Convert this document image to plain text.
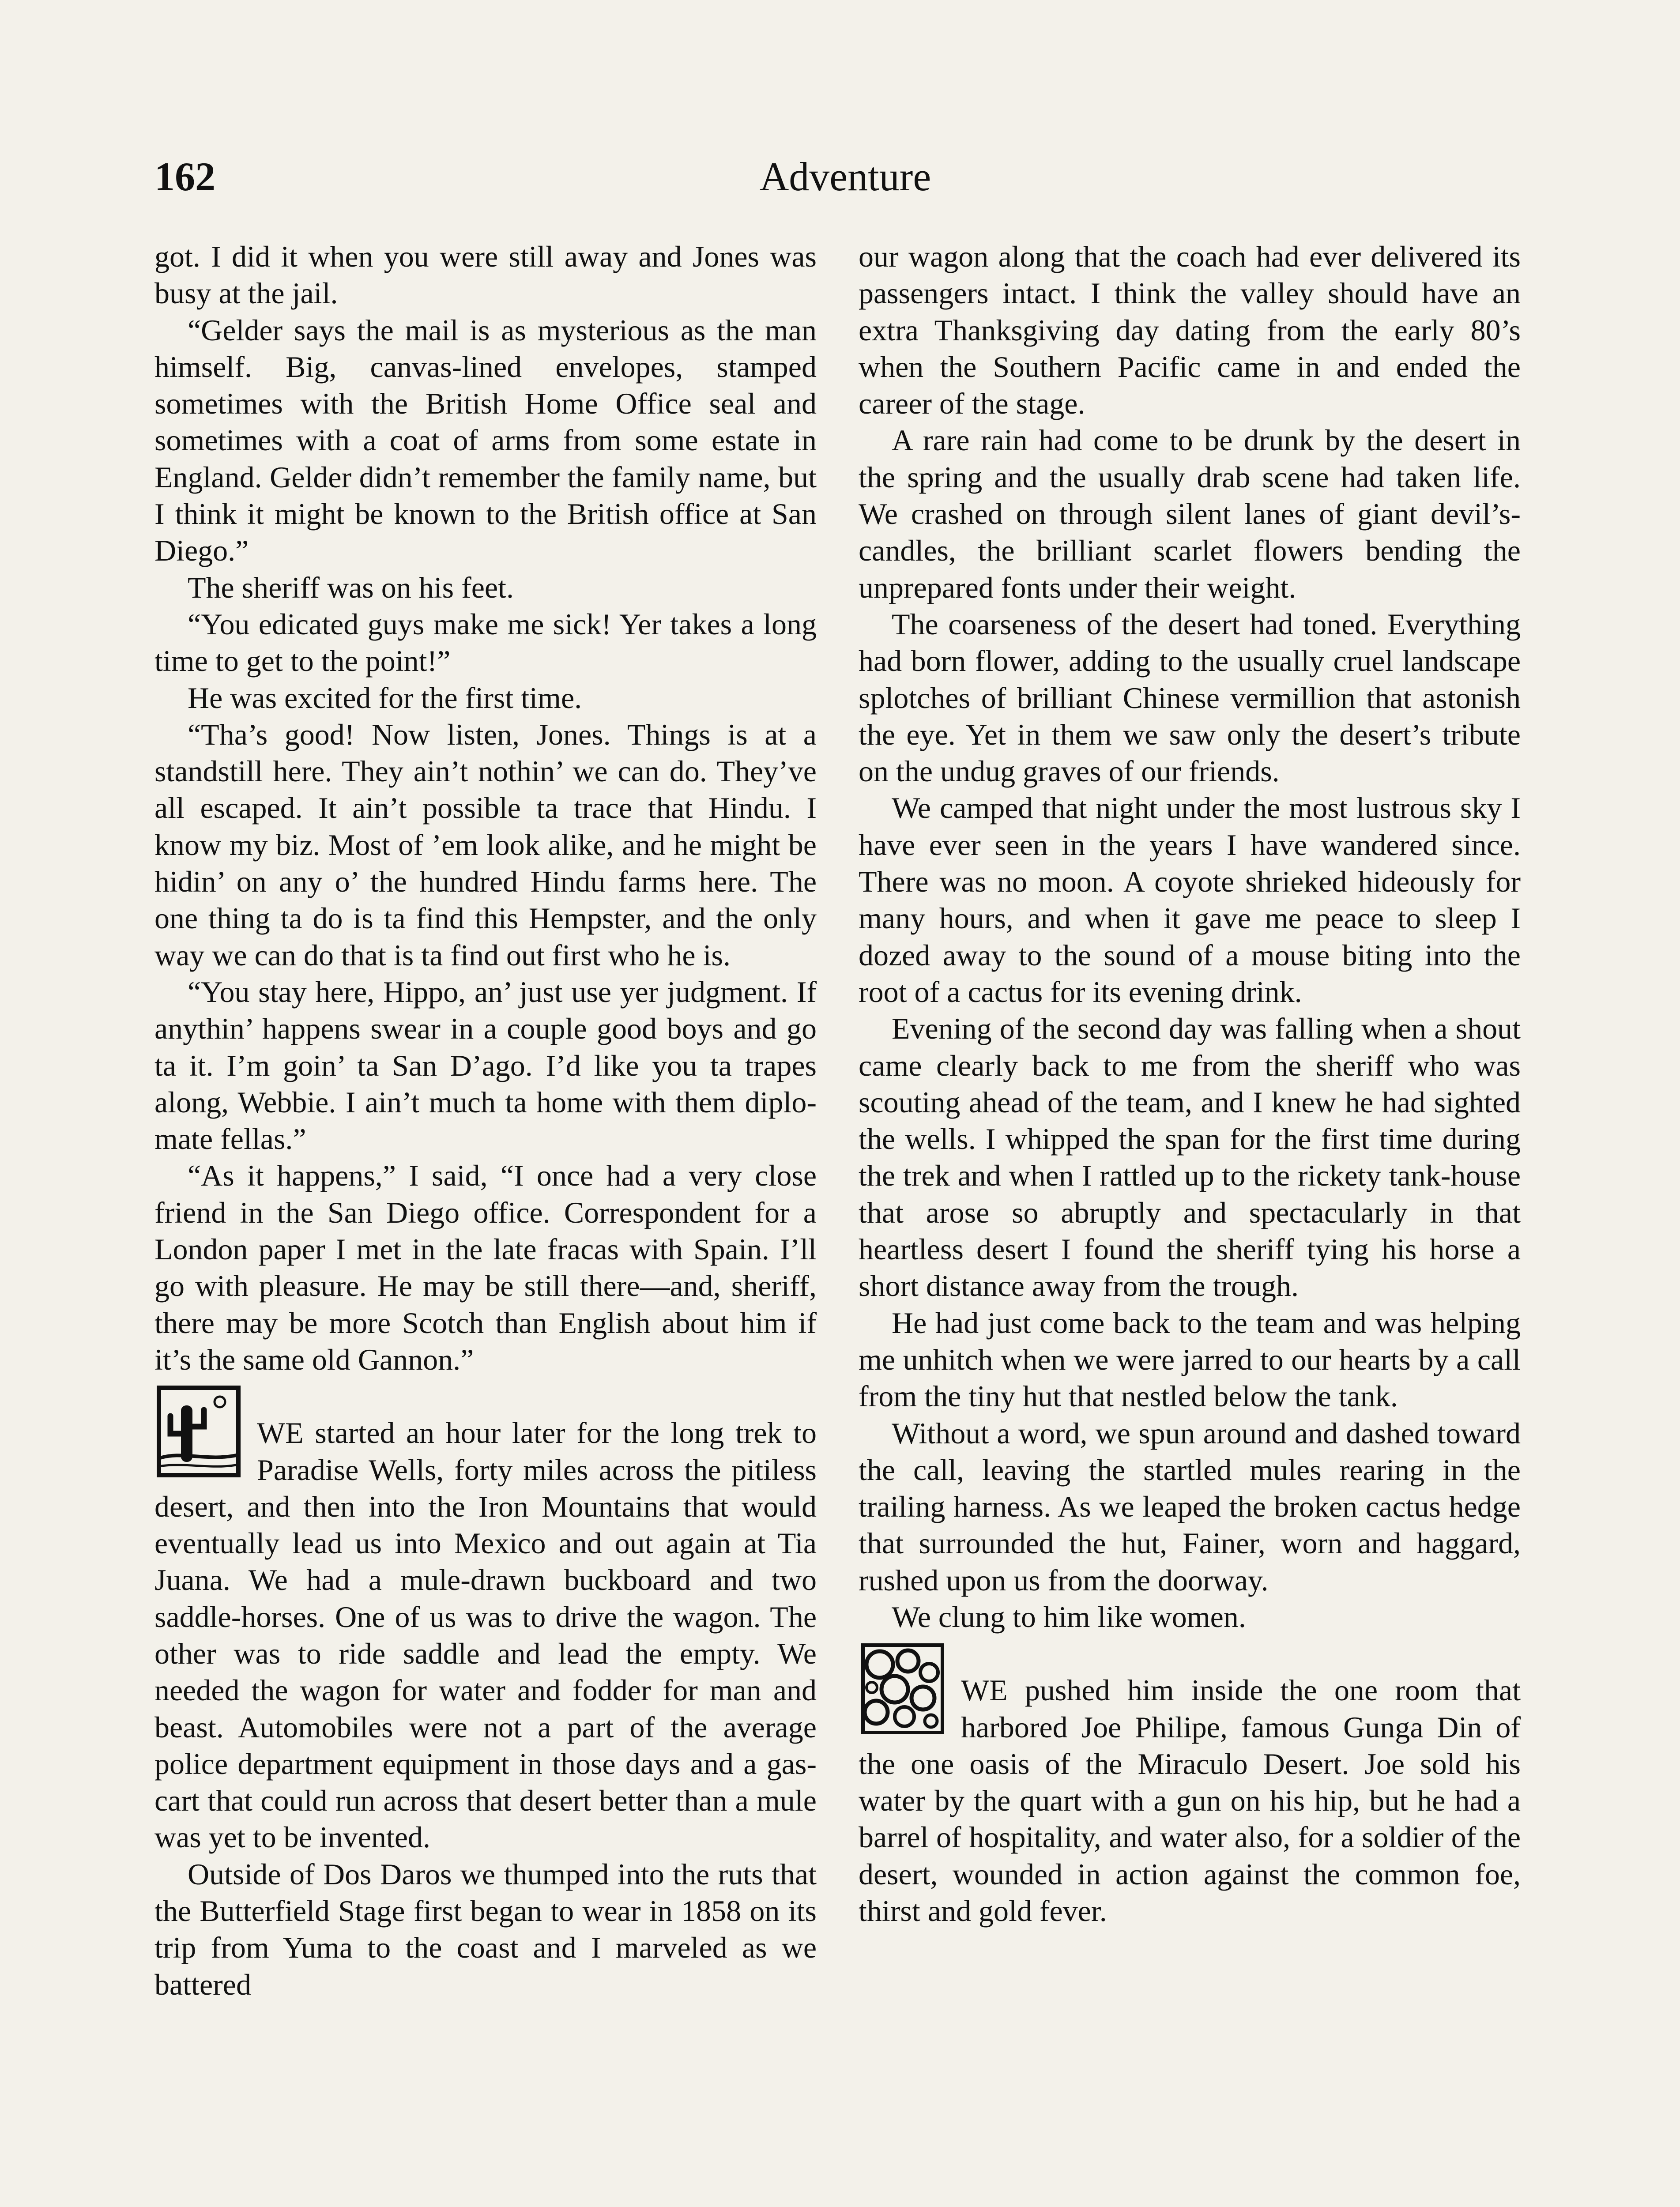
162	Adventure

got. I did it when you were still away and Jones was busy at the jail.

“Gelder says the mail is as mysterious as the man himself. Big, canvas-lined envelopes, stamped sometimes with the British Home Office seal and sometimes with a coat of arms from some estate in England. Gelder didn’t remember the family name, but I think it might be known to the British office at San Diego.”

The sheriff was on his feet.

“You edicated guys make me sick! Yer takes a long time to get to the point!”

He was excited for the first time.

“Tha’s good! Now listen, Jones. Things is at a standstill here. They ain’t nothin’ we can do. They’ve all escaped. It ain’t possible ta trace that Hindu. I know my biz. Most of ’em look alike, and he might be hidin’ on any o’ the hundred Hindu farms here. The one thing ta do is ta find this Hempster, and the only way we can do that is ta find out first who he is.

“You stay here, Hippo, an’ just use yer judgment. If anythin’ happens swear in a couple good boys and go ta it. I’m goin’ ta San D’ago. I’d like you ta trapes along, Webbie. I ain’t much ta home with them diplo-mate fellas.”

“As it happens,” I said, “I once had a very close friend in the San Diego office. Correspondent for a London paper I met in the late fracas with Spain. I’ll go with pleasure. He may be still there—and, sheriff, there may be more Scotch than English about him if it’s the same old Gannon.”

WE started an hour later for the long trek to Paradise Wells, forty miles across the pitiless desert, and then into the Iron Mountains that would eventually lead us into Mexico and out again at Tia Juana. We had a mule-drawn buckboard and two saddle-horses. One of us was to drive the wagon. The other was to ride saddle and lead the empty. We needed the wagon for water and fodder for man and beast. Automobiles were not a part of the average police department equipment in those days and a gas-cart that could run across that desert better than a mule was yet to be invented.

Outside of Dos Daros we thumped into the ruts that the Butterfield Stage first began to wear in 1858 on its trip from Yuma to the coast and I marveled as we battered

our wagon along that the coach had ever delivered its passengers intact. I think the valley should have an extra Thanksgiving day dating from the early 80’s when the Southern Pacific came in and ended the career of the stage.

A rare rain had come to be drunk by the desert in the spring and the usually drab scene had taken life. We crashed on through silent lanes of giant devil’s-candles, the brilliant scarlet flowers bending the unprepared fonts under their weight.

The coarseness of the desert had toned. Everything had born flower, adding to the usually cruel landscape splotches of brilliant Chinese vermillion that astonish the eye. Yet in them we saw only the desert’s tribute on the undug graves of our friends.

We camped that night under the most lustrous sky I have ever seen in the years I have wandered since. There was no moon. A coyote shrieked hideously for many hours, and when it gave me peace to sleep I dozed away to the sound of a mouse biting into the root of a cactus for its evening drink.

Evening of the second day was falling when a shout came clearly back to me from the sheriff who was scouting ahead of the team, and I knew he had sighted the wells. I whipped the span for the first time during the trek and when I rattled up to the rickety tank-house that arose so abruptly and spectacularly in that heartless desert I found the sheriff tying his horse a short distance away from the trough.

He had just come back to the team and was helping me unhitch when we were jarred to our hearts by a call from the tiny hut that nestled below the tank.

Without a word, we spun around and dashed toward the call, leaving the startled mules rearing in the trailing harness. As we leaped the broken cactus hedge that surrounded the hut, Fainer, worn and haggard, rushed upon us from the doorway.

We clung to him like women.

WE pushed him inside the one room that harbored Joe Philipe, famous Gunga Din of the one oasis of the Miraculo Desert. Joe sold his water by the quart with a gun on his hip, but he had a barrel of hospitality, and water also, for a soldier of the desert, wounded in action against the common foe, thirst and gold fever.
